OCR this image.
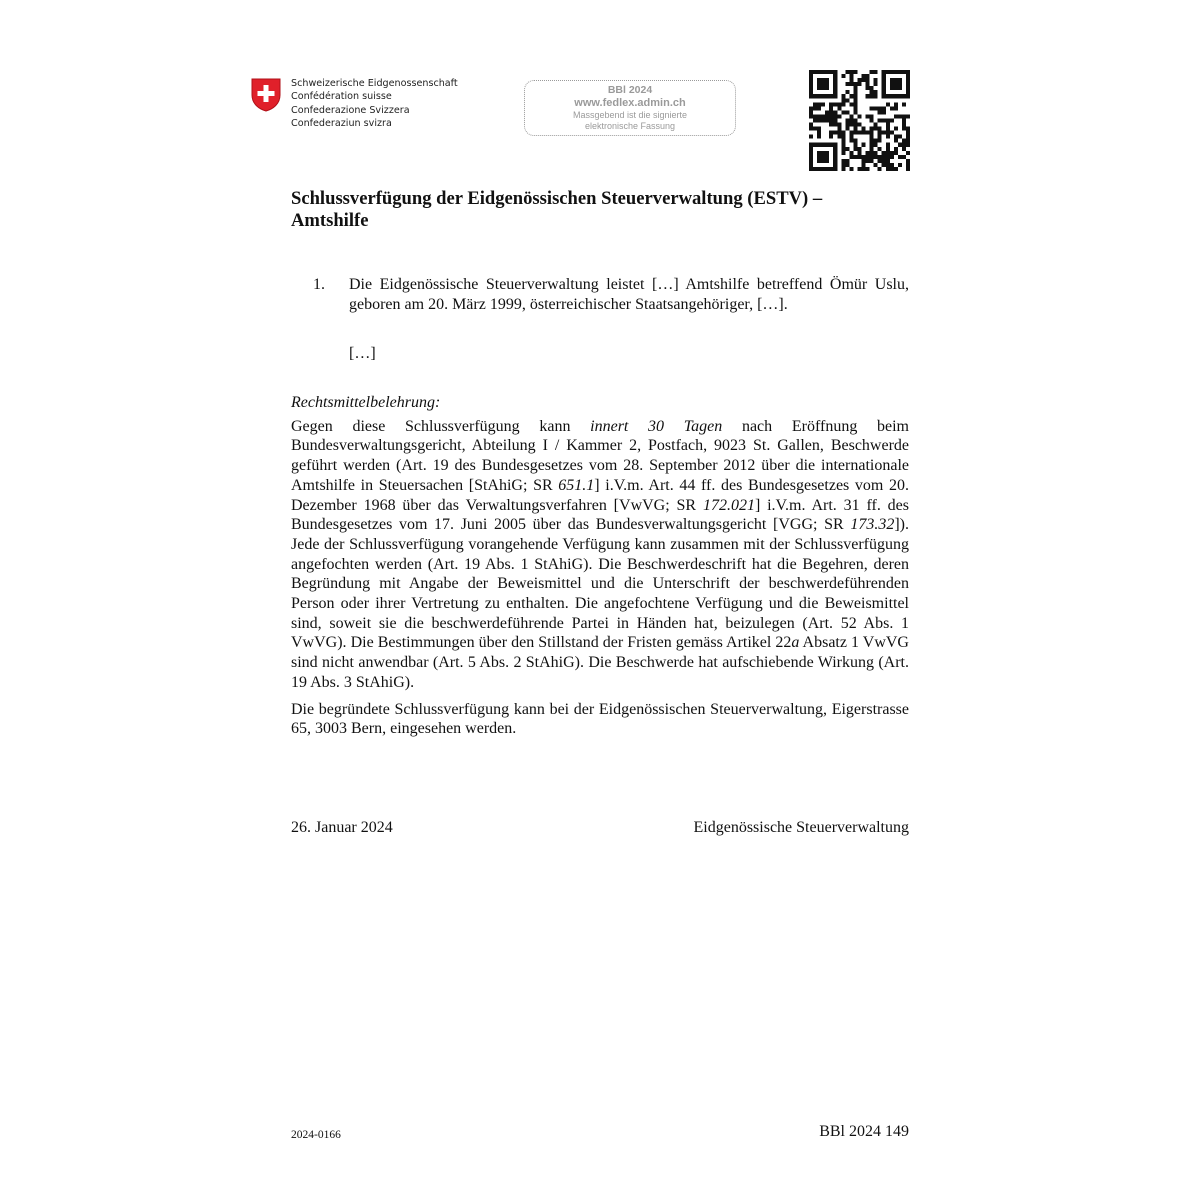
Schweizerische Eidgenossenschaft
Confédération suisse
Confederazione Svizzera
Confederaziun svizra
BBl 2024
www.fedlex.admin.ch
Massgebend ist die signierte
elektronische Fassung
Schlussverfügung der Eidgenössischen Steuerverwaltung (ESTV) –
Amtshilfe
1. Die Eidgenössische Steuerverwaltung leistet […] Amtshilfe betreffend Ömür Uslu, geboren am 20. März 1999, österreichischer Staatsangehöriger, […].
[…]
Rechtsmittelbelehrung:

Gegen diese Schlussverfügung kann innert 30 Tagen nach Eröffnung beim Bundesverwaltungsgericht, Abteilung I / Kammer 2, Postfach, 9023 St. Gallen, Beschwerde geführt werden (Art. 19 des Bundesgesetzes vom 28. September 2012 über die internationale Amtshilfe in Steuersachen [StAhiG; SR 651.1] i.V.m. Art. 44 ff. des Bundesgesetzes vom 20. Dezember 1968 über das Verwaltungsverfahren [VwVG; SR 172.021] i.V.m. Art. 31 ff. des Bundesgesetzes vom 17. Juni 2005 über das Bundesverwaltungsgericht [VGG; SR 173.32]). Jede der Schlussverfügung vorangehende Verfügung kann zusammen mit der Schlussverfügung angefochten werden (Art. 19 Abs. 1 StAhiG). Die Beschwerdeschrift hat die Begehren, deren Begründung mit Angabe der Beweismittel und die Unterschrift der beschwerdeführenden Person oder ihrer Vertretung zu enthalten. Die angefochtene Verfügung und die Beweismittel sind, soweit sie die beschwerdeführende Partei in Händen hat, beizulegen (Art. 52 Abs. 1 VwVG). Die Bestimmungen über den Stillstand der Fristen gemäss Artikel 22a Absatz 1 VwVG sind nicht anwendbar (Art. 5 Abs. 2 StAhiG). Die Beschwerde hat aufschiebende Wirkung (Art. 19 Abs. 3 StAhiG).

Die begründete Schlussverfügung kann bei der Eidgenössischen Steuerverwaltung, Eigerstrasse 65, 3003 Bern, eingesehen werden.

26. Januar 2024	Eidgenössische Steuerverwaltung
2024-0166	BBl 2024 149
